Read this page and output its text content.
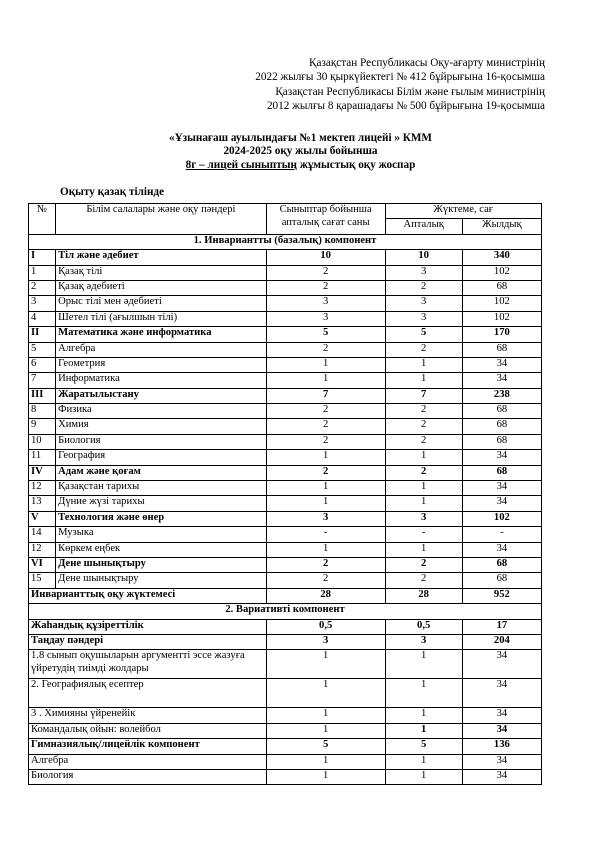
Қазақстан Республикасы Оқу-ағарту министрінің
2022 жылғы 30 қыркүйектегі № 412 бұйрығына 16-қосымша
Қазақстан Республикасы Білім және ғылым министрінің
2012 жылғы 8 қарашадағы № 500 бұйрығына 19-қосымша
«Ұзынағаш ауылындағы №1 мектеп лицейі » КММ
2024-2025 оқу жылы бойынша
8г – лицей сыныптың жұмыстық оқу жоспар
Оқыту қазақ тілінде
№	Білім салалары және оқу пәндері	Сыныптар бойынша
апталық сағат саны	Жүктеме, сағ	
			Апталық	Жылдық
1. Инвариантты (базалық) компонент				
I	Тіл және әдебиет	10	10	340
1	Қазақ тілі	2	3	102
2	Қазақ әдебиеті	2	2	68
3	Орыс тілі мен әдебиеті	3	3	102
4	Шетел тілі (ағылшын тілі)	3	3	102
II	Математика және информатика	5	5	170
5	Алгебра	2	2	68
6	Геометрия	1	1	34
7	Информатика	1	1	34
III	Жаратылыстану	7	7	238
8	Физика	2	2	68
9	Химия	2	2	68
10	Биология	2	2	68
11	География	1	1	34
IV	Адам және қоғам	2	2	68
12	Қазақстан тарихы	1	1	34
13	Дүние жүзі тарихы	1	1	34
V	Технология және өнер	3	3	102
14	Музыка	-	-	-
12	Көркем еңбек	1	1	34
VI	Дене шынықтыру	2	2	68
15	Дене шынықтыру	2	2	68
Инварианттық оқу жүктемесі		28	28	952
2. Вариативті компонент				
Жаһандық құзіреттілік		0,5	0,5	17
Таңдау пәндері		3	3	204
1.8 сынып оқушыларын аргументті эссе жазуға үйретудің тиімді жолдары		1	1	34
2. Географиялық есептер		1	1	34
3 . Химияны үйренейік		1	1	34
Командалық ойын: волейбол		1	1	34
Гимназиялық/лицейлік компонент		5	5	136
Алгебра		1	1	34
Биология		1	1	34
